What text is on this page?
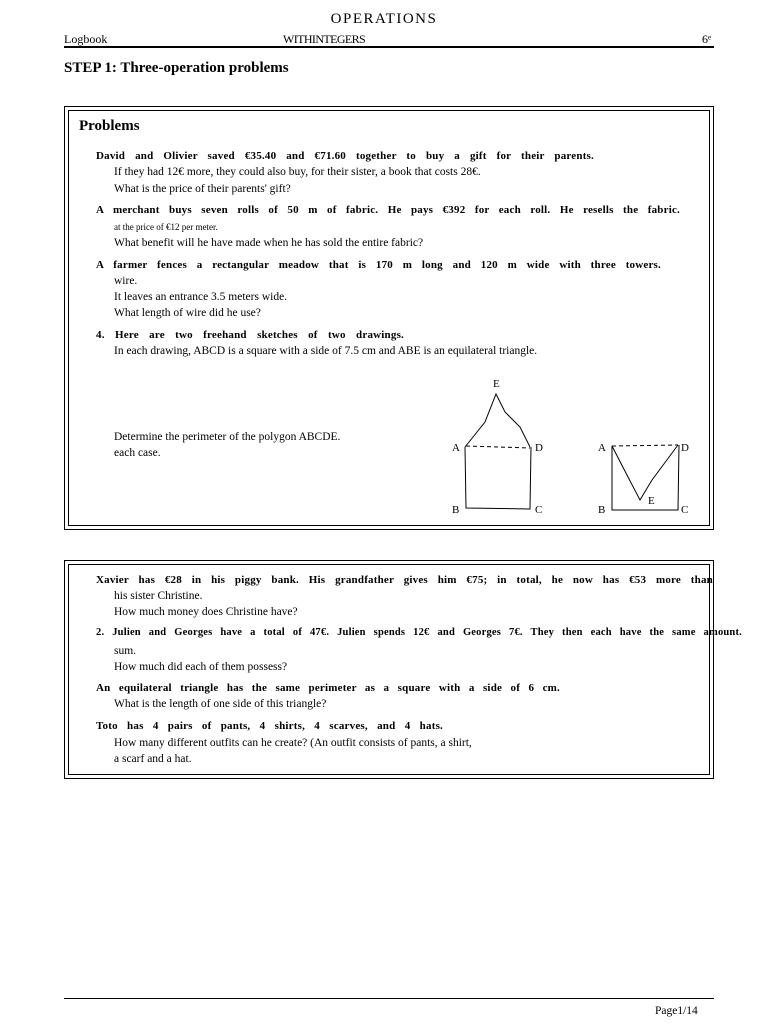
OPERATIONS
Logbook	WITHINTEGERS	6ᵉ
STEP 1: Three-operation problems
Problems
David and Olivier saved €35.40 and €71.60 together to buy a gift for their parents.
If they had 12€ more, they could also buy, for their sister, a book that costs 28€.
What is the price of their parents' gift?
A merchant buys seven rolls of 50 m of fabric. He pays €392 for each roll. He resells the fabric.
at the price of €12 per meter.
What benefit will he have made when he has sold the entire fabric?
A farmer fences a rectangular meadow that is 170 m long and 120 m wide with three towers.
wire.
It leaves an entrance 3.5 meters wide.
What length of wire did he use?
4. Here are two freehand sketches of two drawings.
In each drawing, ABCD is a square with a side of 7.5 cm and ABE is an equilateral triangle.
Determine the perimeter of the polygon ABCDE.
each case.
E
A	D
B	C
A	D
E
B	C
Xavier has €28 in his piggy bank. His grandfather gives him €75; in total, he now has €53 more than
his sister Christine.
How much money does Christine have?
2. Julien and Georges have a total of 47€. Julien spends 12€ and Georges 7€. They then each have the same amount.
sum.
How much did each of them possess?
An equilateral triangle has the same perimeter as a square with a side of 6 cm.
What is the length of one side of this triangle?
Toto has 4 pairs of pants, 4 shirts, 4 scarves, and 4 hats.
How many different outfits can he create? (An outfit consists of pants, a shirt,
a scarf and a hat.
Page1/14
